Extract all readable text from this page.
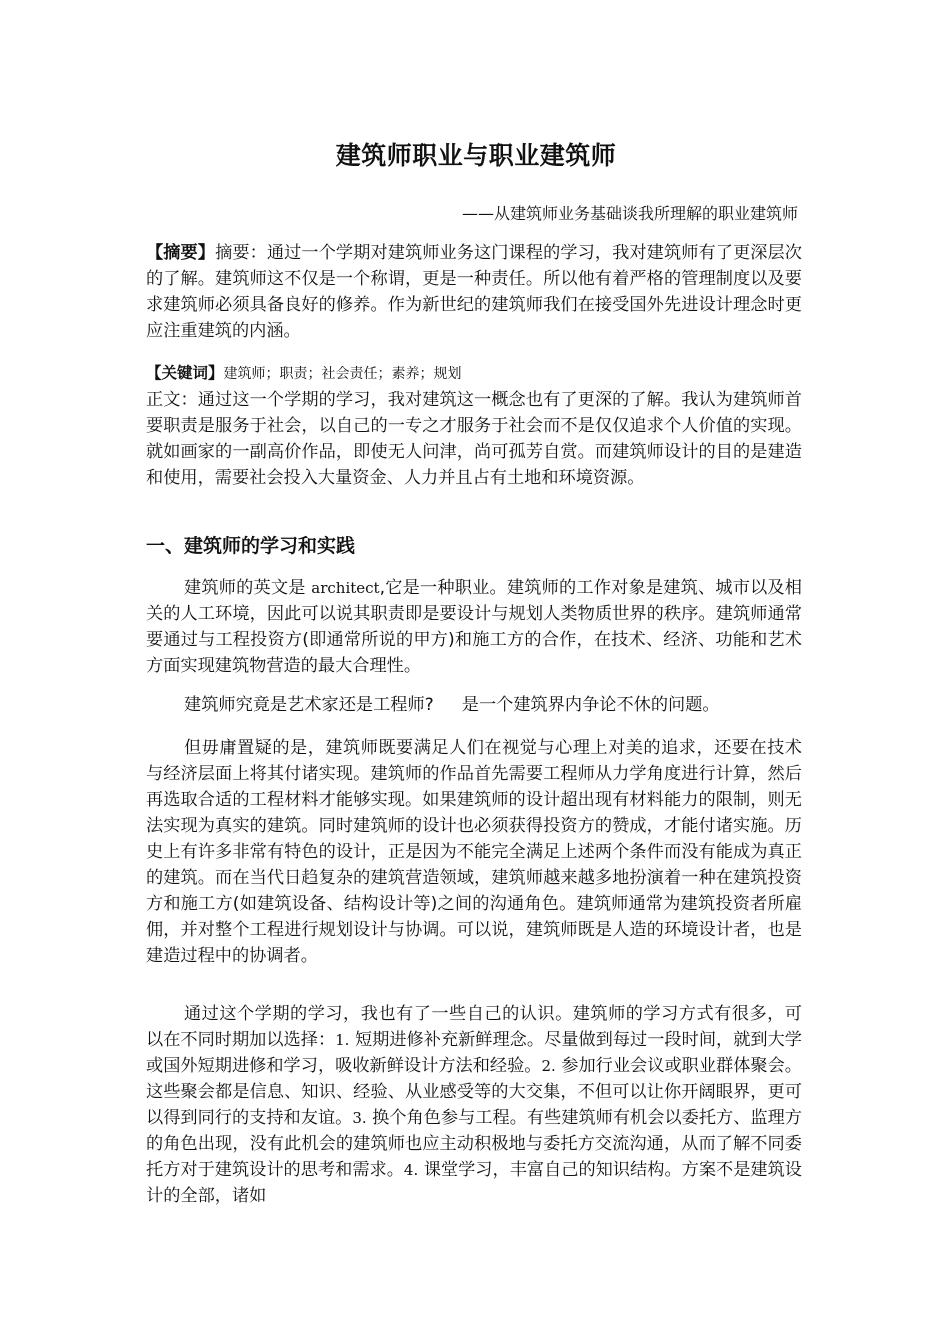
建筑师职业与职业建筑师
——从建筑师业务基础谈我所理解的职业建筑师
【摘要】摘要：通过一个学期对建筑师业务这门课程的学习，我对建筑师有了更深层次的了解。建筑师这不仅是一个称谓，更是一种责任。所以他有着严格的管理制度以及要求建筑师必须具备良好的修养。作为新世纪的建筑师我们在接受国外先进设计理念时更应注重建筑的内涵。
【关键词】建筑师；职责；社会责任；素养；规划
正文：通过这一个学期的学习，我对建筑这一概念也有了更深的了解。我认为建筑师首要职责是服务于社会，以自己的一专之才服务于社会而不是仅仅追求个人价值的实现。就如画家的一副高价作品，即使无人问津，尚可孤芳自赏。而建筑师设计的目的是建造和使用，需要社会投入大量资金、人力并且占有土地和环境资源。
一、建筑师的学习和实践
建筑师的英文是 architect,它是一种职业。建筑师的工作对象是建筑、城市以及相关的人工环境，因此可以说其职责即是要设计与规划人类物质世界的秩序。建筑师通常要通过与工程投资方(即通常所说的甲方)和施工方的合作，在技术、经济、功能和艺术方面实现建筑物营造的最大合理性。
建筑师究竟是艺术家还是工程师? 是一个建筑界内争论不休的问题。
但毋庸置疑的是，建筑师既要满足人们在视觉与心理上对美的追求，还要在技术与经济层面上将其付诸实现。建筑师的作品首先需要工程师从力学角度进行计算，然后再选取合适的工程材料才能够实现。如果建筑师的设计超出现有材料能力的限制，则无法实现为真实的建筑。同时建筑师的设计也必须获得投资方的赞成，才能付诸实施。历史上有许多非常有特色的设计，正是因为不能完全满足上述两个条件而没有能成为真正的建筑。而在当代日趋复杂的建筑营造领域，建筑师越来越多地扮演着一种在建筑投资方和施工方(如建筑设备、结构设计等)之间的沟通角色。建筑师通常为建筑投资者所雇佣，并对整个工程进行规划设计与协调。可以说，建筑师既是人造的环境设计者，也是建造过程中的协调者。
通过这个学期的学习，我也有了一些自己的认识。建筑师的学习方式有很多，可以在不同时期加以选择：1. 短期进修补充新鲜理念。尽量做到每过一段时间，就到大学或国外短期进修和学习，吸收新鲜设计方法和经验。2. 参加行业会议或职业群体聚会。这些聚会都是信息、知识、经验、从业感受等的大交集，不但可以让你开阔眼界，更可以得到同行的支持和友谊。3. 换个角色参与工程。有些建筑师有机会以委托方、监理方的角色出现，没有此机会的建筑师也应主动积极地与委托方交流沟通，从而了解不同委托方对于建筑设计的思考和需求。4. 课堂学习，丰富自己的知识结构。方案不是建筑设计的全部，诸如
